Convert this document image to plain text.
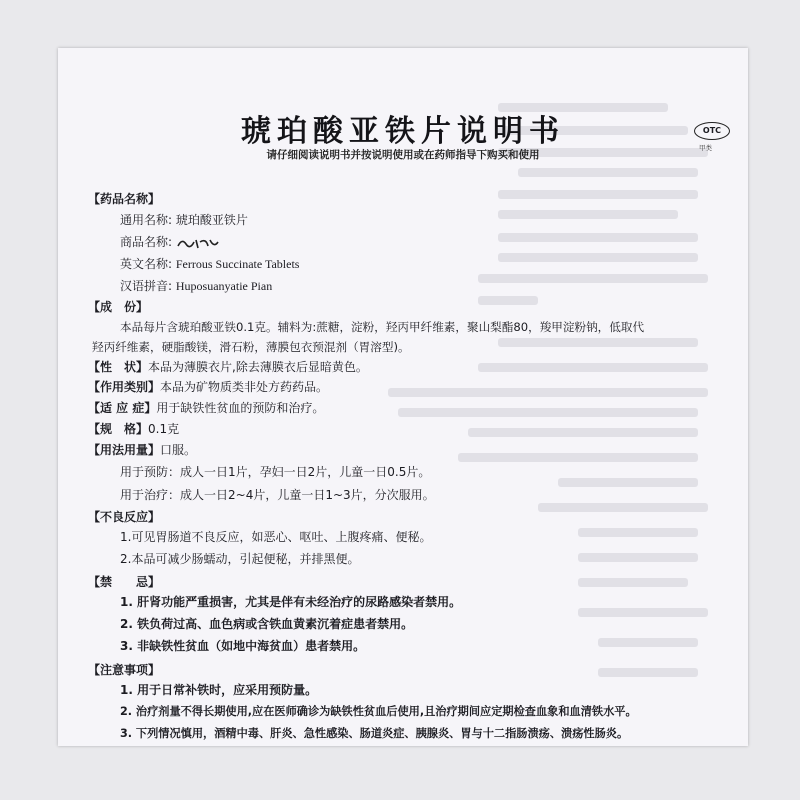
琥珀酸亚铁片说明书
请仔细阅读说明书并按说明使用或在药师指导下购买和使用
OTC
甲类
【药品名称】
通用名称: 琥珀酸亚铁片
商品名称:
英文名称: Ferrous Succinate Tablets
汉语拼音: Huposuanyatie Pian
【成　份】
本品每片含琥珀酸亚铁0.1克。辅料为:蔗糖，淀粉，羟丙甲纤维素，聚山梨酯80，羧甲淀粉钠，低取代
羟丙纤维素，硬脂酸镁，滑石粉，薄膜包衣预混剂（胃溶型)。
【性　状】本品为薄膜衣片,除去薄膜衣后显暗黄色。
【作用类别】本品为矿物质类非处方药药品。
【适 应 症】用于缺铁性贫血的预防和治疗。
【规　格】0.1克
【用法用量】口服。
用于预防：成人一日1片，孕妇一日2片，儿童一日0.5片。
用于治疗：成人一日2~4片，儿童一日1~3片，分次服用。
【不良反应】
1.可见胃肠道不良反应，如恶心、呕吐、上腹疼痛、便秘。
2.本品可减少肠蠕动，引起便秘，并排黑便。
【禁　　忌】
1. 肝肾功能严重损害，尤其是伴有未经治疗的尿路感染者禁用。
2. 铁负荷过高、血色病或含铁血黄素沉着症患者禁用。
3. 非缺铁性贫血（如地中海贫血）患者禁用。
【注意事项】
1. 用于日常补铁时，应采用预防量。
2. 治疗剂量不得长期使用,应在医师确诊为缺铁性贫血后使用,且治疗期间应定期检查血象和血清铁水平。
3. 下列情况慎用，酒精中毒、肝炎、急性感染、肠道炎症、胰腺炎、胃与十二指肠溃疡、溃疡性肠炎。
